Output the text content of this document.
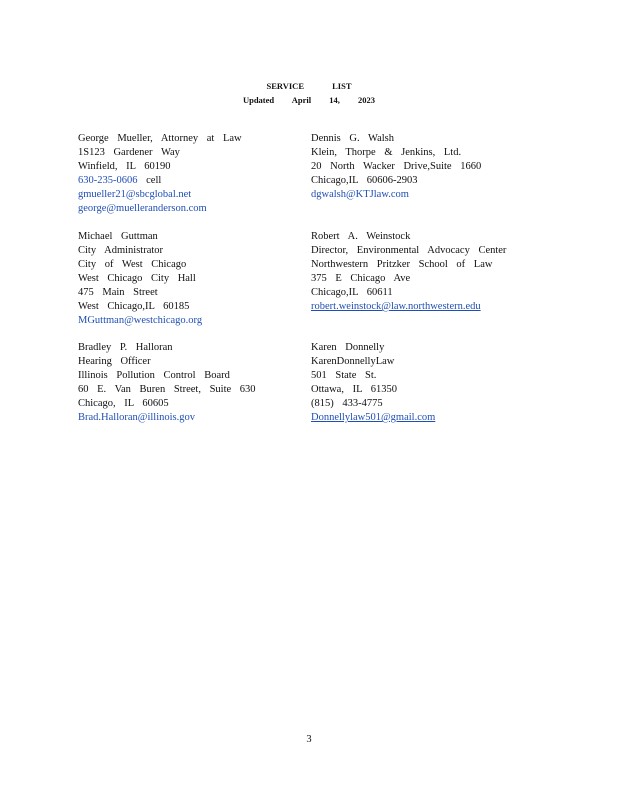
SERVICE LIST
Updated April 14, 2023
George Mueller, Attorney at Law
1S123 Gardener Way
Winfield, IL 60190
630-235-0606 cell
gmueller21@sbcglobal.net
george@muelleranderson.com
Dennis G. Walsh
Klein, Thorpe & Jenkins, Ltd.
20 North Wacker Drive,Suite 1660
Chicago,IL 60606-2903
dgwalsh@KTJlaw.com
Michael Guttman
City Administrator
City of West Chicago
West Chicago City Hall
475 Main Street
West Chicago,IL 60185
MGuttman@westchicago.org
Robert A. Weinstock
Director, Environmental Advocacy Center
Northwestern Pritzker School of Law
375 E Chicago Ave
Chicago,IL 60611
robert.weinstock@law.northwestern.edu
Bradley P. Halloran
Hearing Officer
Illinois Pollution Control Board
60 E. Van Buren Street, Suite 630
Chicago, IL 60605
Brad.Halloran@illinois.gov
Karen Donnelly
KarenDonnellyLaw
501 State St.
Ottawa, IL 61350
(815) 433-4775
Donnellylaw501@gmail.com
3
